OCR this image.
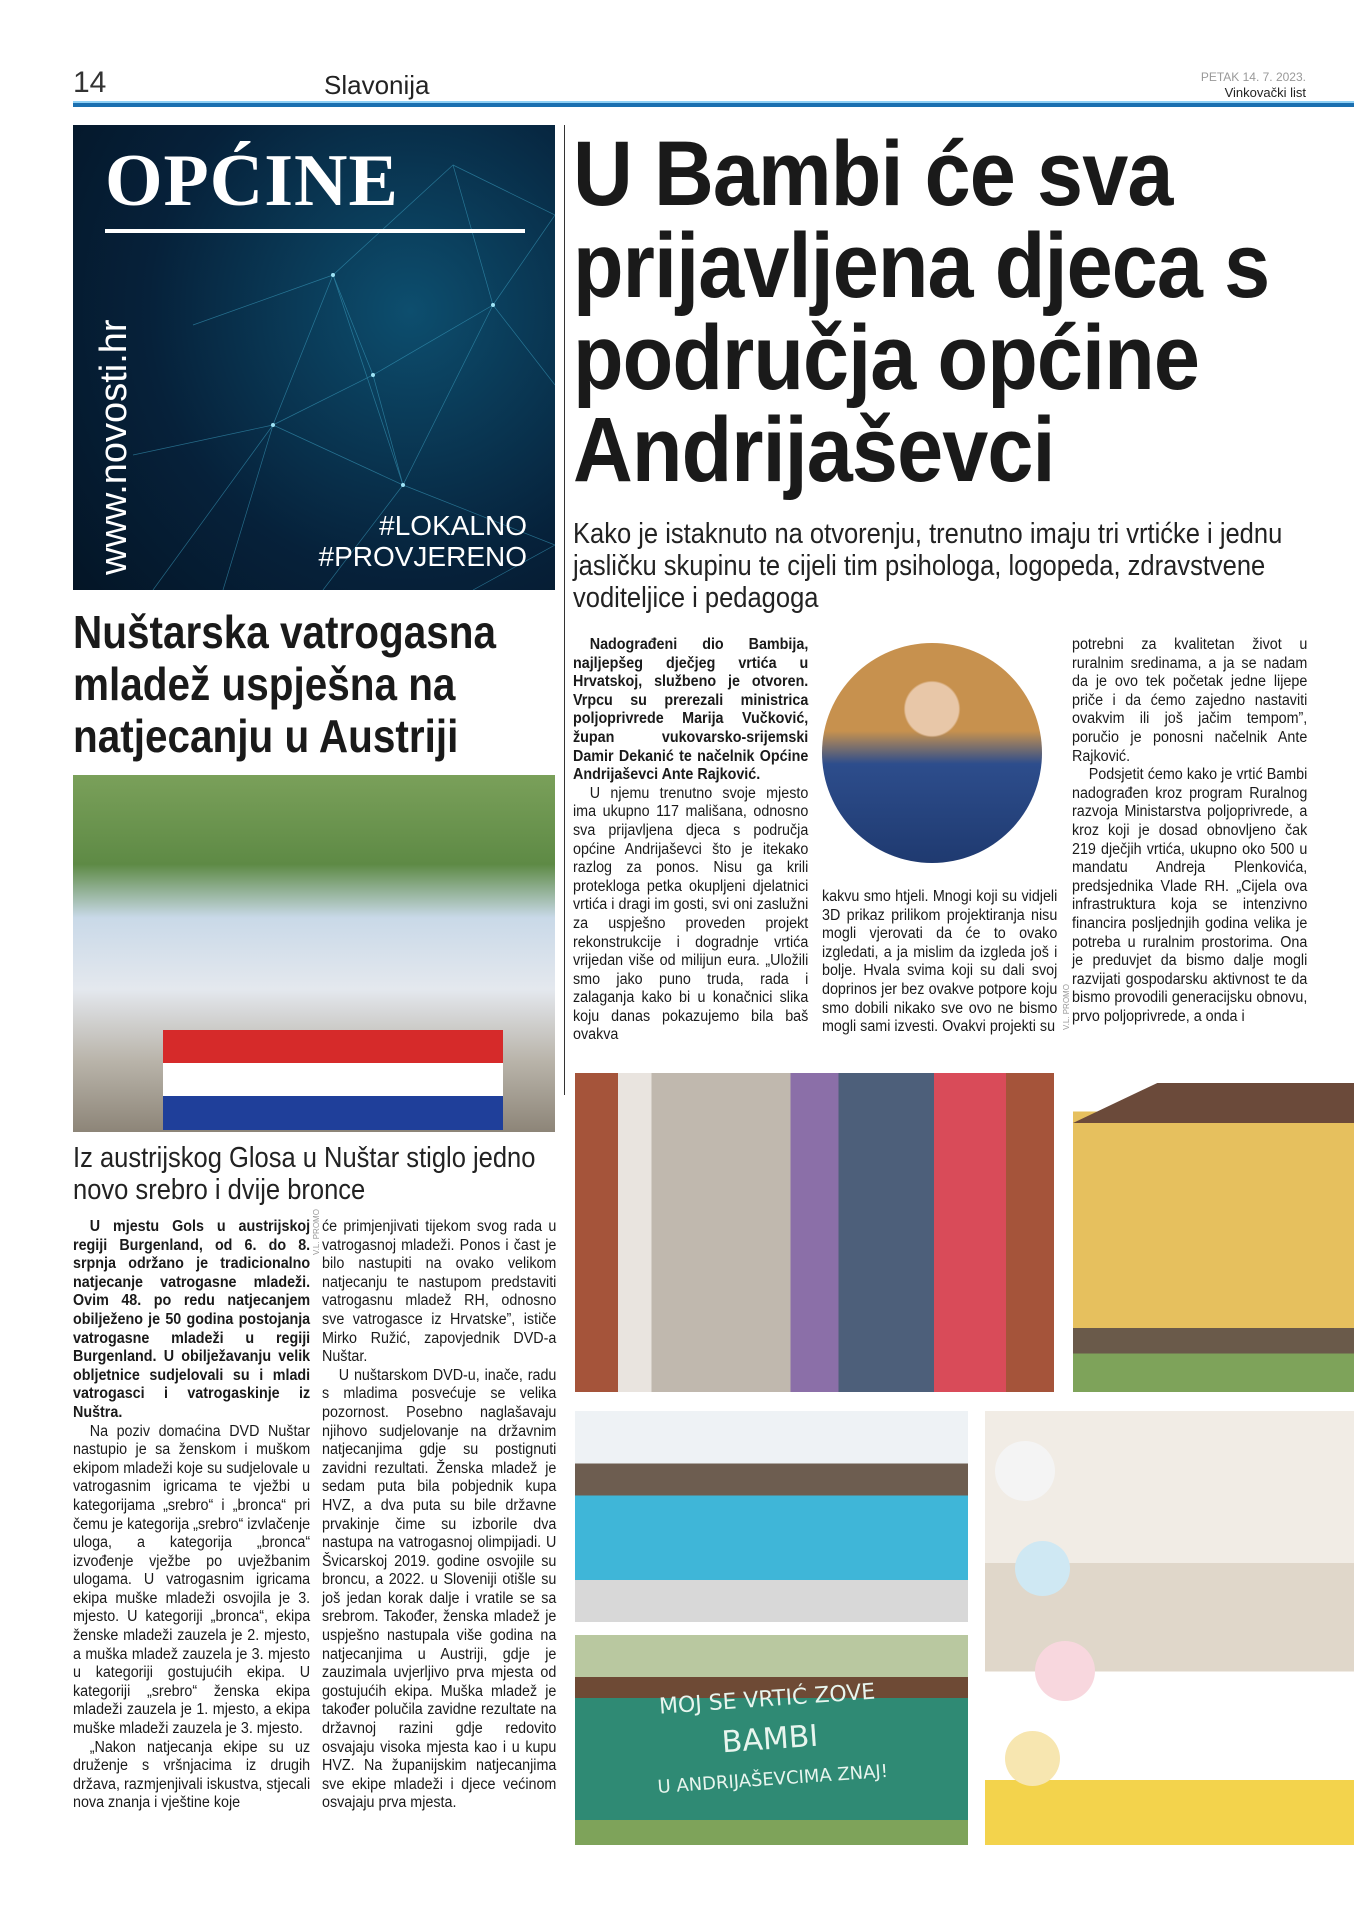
14	Slavonija	PETAK 14. 7. 2023.
Vinkovački list
OPĆINE
www.novosti.hr	#LOKALNO
#PROVJERENO
Nuštarska vatrogasna mladež uspješna na natjecanju u Austriji
Iz austrijskog Glosa u Nuštar stiglo jedno novo srebro i dvije bronce
V.L. PROMO

U mjestu Gols u austrijskoj regiji Burgenland, od 6. do 8. srpnja održano je tradicionalno natjecanje vatrogasne mladeži. Ovim 48. po redu natjecanjem obilježeno je 50 godina postojanja vatrogasne mladeži u regiji Burgenland. U obilježavanju velik obljetnice sudjelovali su i mladi vatrogasci i vatrogaskinje iz Nuštra.

Na poziv domaćina DVD Nuštar nastupio je sa ženskom i muškom ekipom mladeži koje su sudjelovale u vatrogasnim igricama te vježbi u kategorijama „srebro“ i „bronca“ pri čemu je kategorija „srebro“ izvlačenje uloga, a kategorija „bronca“ izvođenje vježbe po uvježbanim ulogama. U vatrogasnim igricama ekipa muške mladeži osvojila je 3. mjesto. U kategoriji „bronca“, ekipa ženske mladeži zauzela je 2. mjesto, a muška mladež zauzela je 3. mjesto u kategoriji gostujućih ekipa. U kategoriji „srebro“ ženska ekipa mladeži zauzela je 1. mjesto, a ekipa muške mladeži zauzela je 3. mjesto.

„Nakon natjecanja ekipe su uz druženje s vršnjacima iz drugih država, razmjenjivali iskustva, stjecali nova znanja i vještine koje

će primjenjivati tijekom svog rada u vatrogasnoj mladeži. Ponos i čast je bilo nastupiti na ovako velikom natjecanju te nastupom predstaviti vatrogasnu mladež RH, odnosno sve vatrogasce iz Hrvatske”, ističe Mirko Ružić, zapovjednik DVD-a Nuštar.

U nuštarskom DVD-u, inače, radu s mladima posvećuje se velika pozornost. Posebno naglašavaju njihovo sudjelovanje na državnim natjecanjima gdje su postignuti zavidni rezultati. Ženska mladež je sedam puta bila pobjednik kupa HVZ, a dva puta su bile državne prvakinje čime su izborile dva nastupa na vatrogasnoj olimpijadi. U Švicarskoj 2019. godine osvojile su broncu, a 2022. u Sloveniji otišle su još jedan korak dalje i vratile se sa srebrom. Također, ženska mladež je uspješno nastupala više godina na natjecanjima u Austriji, gdje je zauzimala uvjerljivo prva mjesta od gostujućih ekipa. Muška mladež je također polučila zavidne rezultate na državnoj razini gdje redovito osvajaju visoka mjesta kao i u kupu HVZ. Na županijskim natjecanjima sve ekipe mladeži i djece većinom osvajaju prva mjesta.

U Bambi će sva prijavljena djeca s područja općine Andrijaševci
Kako je istaknuto na otvorenju, trenutno imaju tri vrtićke i jednu jasličku skupinu te cijeli tim psihologa, logopeda, zdravstvene voditeljice i pedagoga

Nadograđeni dio Bambija, najljepšeg dječjeg vrtića u Hrvatskoj, službeno je otvoren. Vrpcu su prerezali ministrica poljoprivrede Marija Vučković, župan vukovarsko-srijemski Damir Dekanić te načelnik Općine Andrijaševci Ante Rajković.

U njemu trenutno svoje mjesto ima ukupno 117 mališana, odnosno sva prijavljena djeca s područja općine Andrijaševci što je itekako razlog za ponos. Nisu ga krili protekloga petka okupljeni djelatnici vrtića i dragi im gosti, svi oni zaslužni za uspješno proveden projekt rekonstrukcije i dogradnje vrtića vrijedan više od milijun eura. „Uložili smo jako puno truda, rada i zalaganja kako bi u konačnici slika koju danas pokazujemo bila baš ovakva

kakvu smo htjeli. Mnogi koji su vidjeli 3D prikaz prilikom projektiranja nisu mogli vjerovati da će to ovako izgledati, a ja mislim da izgleda još i bolje. Hvala svima koji su dali svoj doprinos jer bez ovakve potpore koju smo dobili nikako sve ovo ne bismo mogli sami izvesti. Ovakvi projekti su V.L. PROMO

potrebni za kvalitetan život u ruralnim sredinama, a ja se nadam da je ovo tek početak jedne lijepe priče i da ćemo zajedno nastaviti ovakvim ili još jačim tempom”, poručio je ponosni načelnik Ante Rajković.

Podsjetit ćemo kako je vrtić Bambi nadograđen kroz program Ruralnog razvoja Ministarstva poljoprivrede, a kroz koji je dosad obnovljeno čak 219 dječjih vrtića, ukupno oko 500 u mandatu Andreja Plenkovića, predsjednika Vlade RH. „Cijela ova infrastruktura koja se intenzivno financira posljednjih godina velika je potreba u ruralnim prostorima. Ona je preduvjet da bismo dalje mogli razvijati gospodarsku aktivnost te da bismo provodili generacijsku obnovu, prvo poljoprivrede, a onda i

MOJ SE VRTIĆ ZOVE
BAMBI
U ANDRIJAŠEVCIMA ZNAJ!
